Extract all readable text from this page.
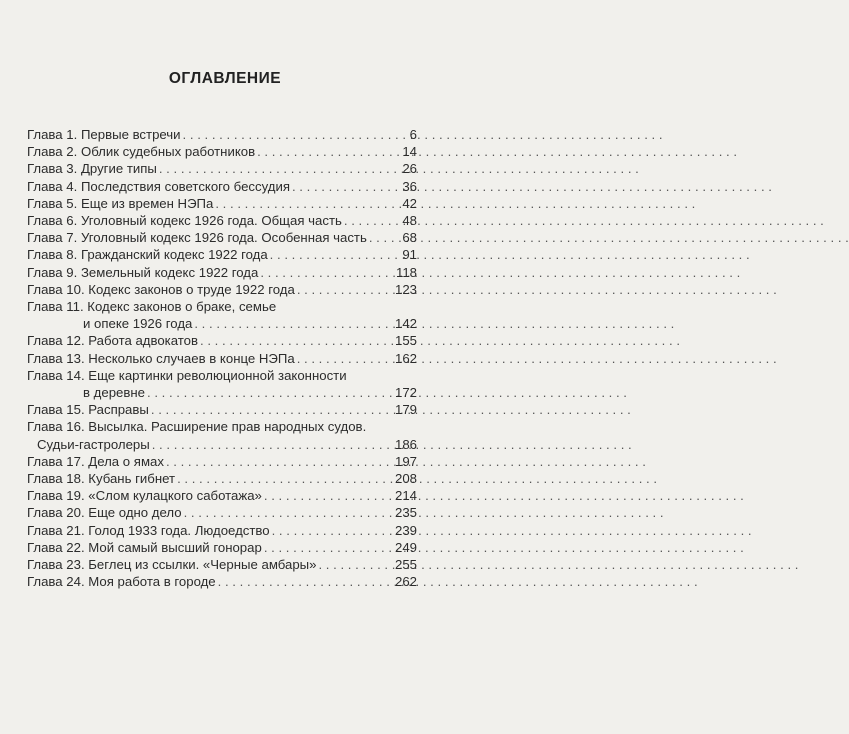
ОГЛАВЛЕНИЕ
Глава 1. Первые встречи . . .	6
Глава 2. Облик судебных работников . . .	14
Глава 3. Другие типы . . .	26
Глава 4. Последствия советского бессудия . . .	36
Глава 5. Еще из времен НЭПа . . .	42
Глава 6. Уголовный кодекс 1926 года. Общая часть . . .	48
Глава 7. Уголовный кодекс 1926 года. Особенная часть . . .	68
Глава 8. Гражданский кодекс 1922 года . . .	91
Глава 9. Земельный кодекс 1922 года . . .	118
Глава 10. Кодекс законов о труде 1922 года . . .	123
Глава 11. Кодекс законов о браке, семье
и опеке 1926 года . . .	142
Глава 12. Работа адвокатов . . .	155
Глава 13. Несколько случаев в конце НЭПа . . .	162
Глава 14. Еще картинки революционной законности
в деревне . . .	172
Глава 15. Расправы . . .	179
Глава 16. Высылка. Расширение прав народных судов.
Судьи-гастролеры . . .	186
Глава 17. Дела о ямах . . .	197
Глава 18. Кубань гибнет . . .	208
Глава 19. «Слом кулацкого саботажа» . . .	214
Глава 20. Еще одно дело . . .	235
Глава 21. Голод 1933 года. Людоедство . . .	239
Глава 22. Мой самый высший гонорар . . .	249
Глава 23. Беглец из ссылки. «Черные амбары» . . .	255
Глава 24. Моя работа в городе . . .	262
